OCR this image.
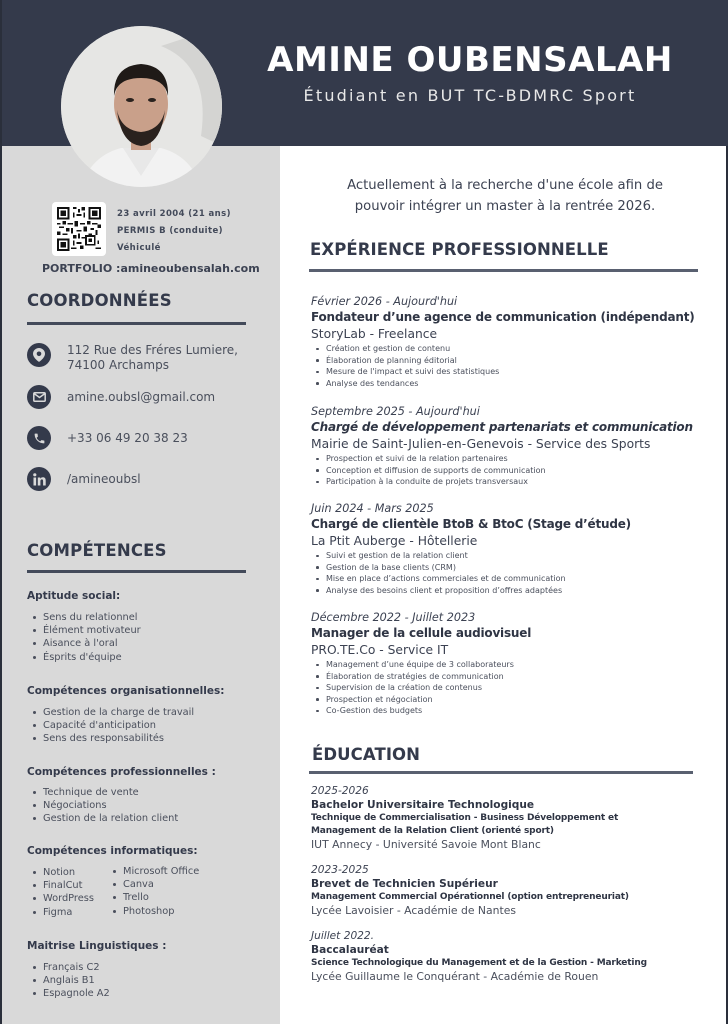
AMINE OUBENSALAH
Étudiant en BUT TC-BDMRC Sport
23 avril 2004 (21 ans)
PERMIS B (conduite)
Véhiculé
PORTFOLIO :amineoubensalah.com
COORDONNÉES
112 Rue des Fréres Lumiere,
74100 Archamps
amine.oubsl@gmail.com
+33 06 49 20 38 23
/amineoubsl
COMPÉTENCES
Aptitude social:
Sens du relationnel
Élément motivateur
Aisance à l'oral
Ésprits d'équipe
Compétences organisationnelles:
Gestion de la charge de travail
Capacité d'anticipation
Sens des responsabilités
Compétences professionnelles :
Technique de vente
Négociations
Gestion de la relation client
Compétences informatiques:
Notion
FinalCut
WordPress
Figma
Microsoft Office
Canva
Trello
Photoshop
Maitrise Linguistiques :
Français C2
Anglais B1
Espagnole A2
Actuellement à la recherche d'une école afin de
pouvoir intégrer un master à la rentrée 2026.
EXPÉRIENCE PROFESSIONNELLE
Février 2026 - Aujourd'hui
Fondateur d’une agence de communication (indépendant)
StoryLab - Freelance
Création et gestion de contenu
Élaboration de planning éditorial
Mesure de l'impact et suivi des statistiques
Analyse des tendances
Septembre 2025 - Aujourd'hui
Chargé de développement partenariats et communication
Mairie de Saint-Julien-en-Genevois - Service des Sports
Prospection et suivi de la relation partenaires
Conception et diffusion de supports de communication
Participation à la conduite de projets transversaux
Juin 2024 - Mars 2025
Chargé de clientèle BtoB & BtoC (Stage d’étude)
La Ptit Auberge - Hôtellerie
Suivi et gestion de la relation client
Gestion de la base clients (CRM)
Mise en place d’actions commerciales et de communication
Analyse des besoins client et proposition d’offres adaptées
Décembre 2022 - Juillet 2023
Manager de la cellule audiovisuel
PRO.TE.Co - Service IT
Management d’une équipe de 3 collaborateurs
Élaboration de stratégies de communication
Supervision de la création de contenus
Prospection et négociation
Co-Gestion des budgets
ÉDUCATION
2025-2026
Bachelor Universitaire Technologique
Technique de Commercialisation - Business Développement et Management de la Relation Client (orienté sport)
IUT Annecy - Université Savoie Mont Blanc
2023-2025
Brevet de Technicien Supérieur
Management Commercial Opérationnel (option entrepreneuriat)
Lycée Lavoisier - Académie de Nantes
Juillet 2022.
Baccalauréat
Science Technologique du Management et de la Gestion - Marketing
Lycée Guillaume le Conquérant - Académie de Rouen
